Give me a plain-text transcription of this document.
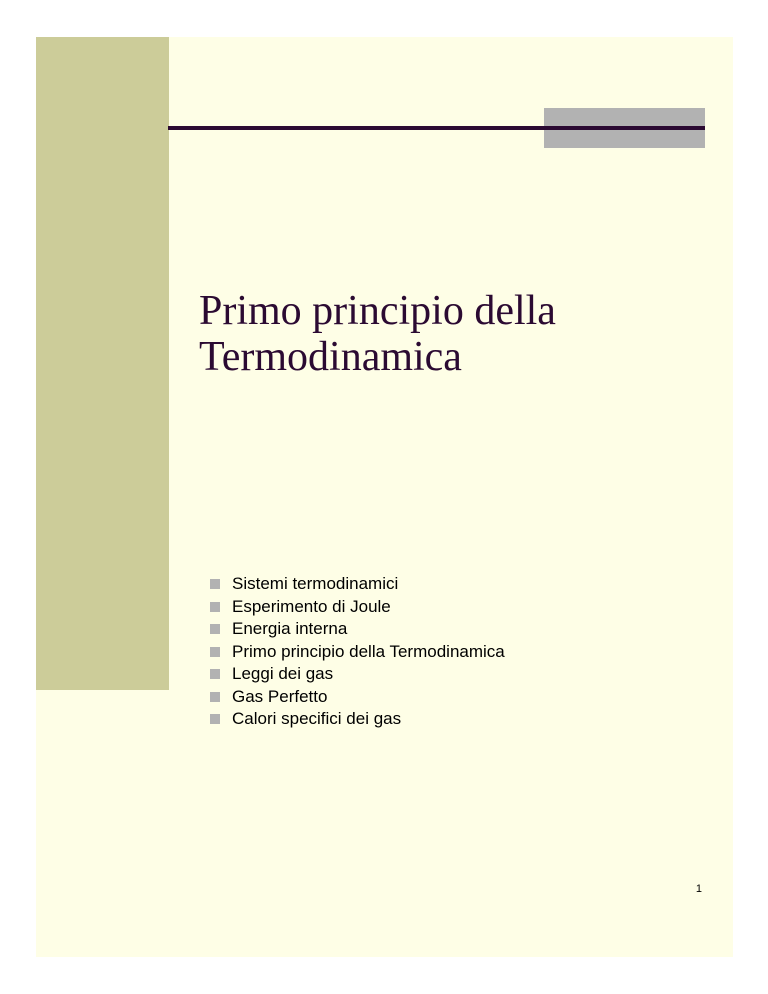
Primo principio della
Termodinamica
Sistemi termodinamici
Esperimento di Joule
Energia interna
Primo principio della Termodinamica
Leggi dei gas
Gas Perfetto
Calori specifici dei gas
1
